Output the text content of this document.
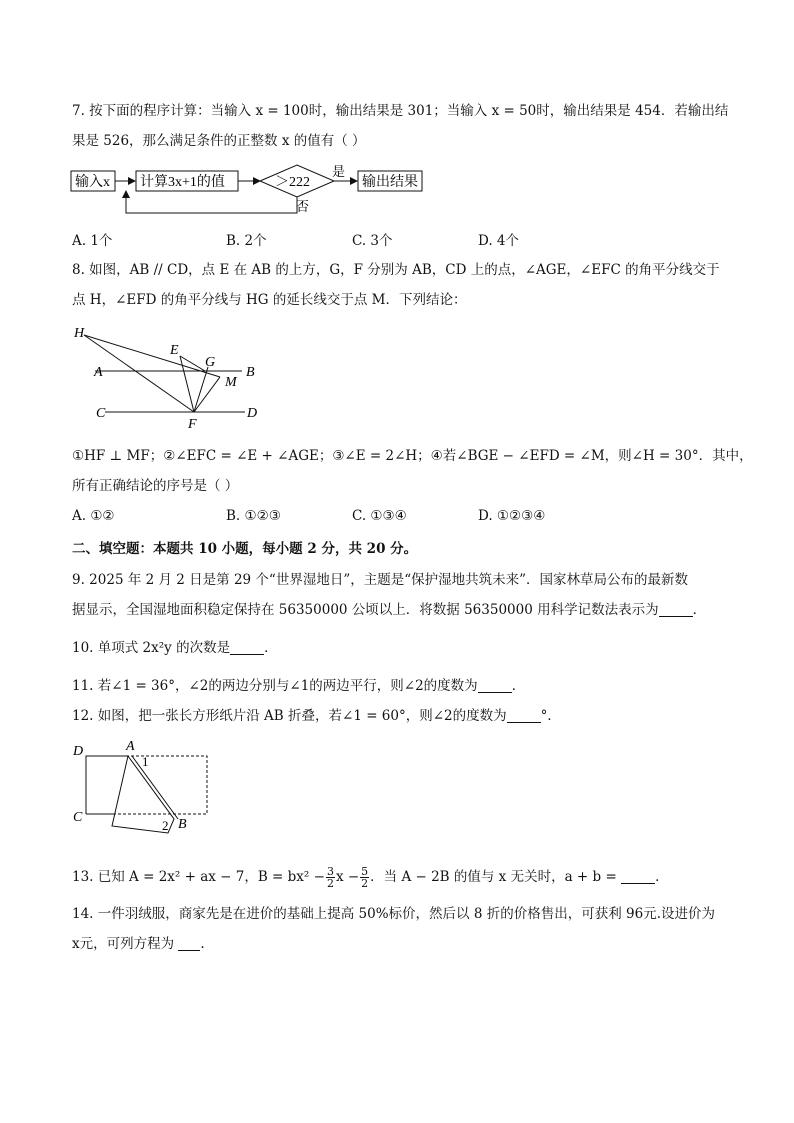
7. 按下面的程序计算：当输入 x = 100时，输出结果是 301；当输入 x = 50时，输出结果是 454．若输出结
果是 526，那么满足条件的正整数 x 的值有（ ）
输入x 计算3x+1的值	＞222
是
输出结果
否
A. 1个	B. 2个	C. 3个	D. 4个
8. 如图，AB // CD，点 E 在 AB 的上方，G，F 分别为 AB，CD 上的点，∠AGE，∠EFC 的角平分线交于
点 H，∠EFD 的角平分线与 HG 的延长线交于点 M．下列结论：
H
E
G
A	B
M
C
F
D
①HF ⊥ MF；②∠EFC = ∠E + ∠AGE；③∠E = 2∠H；④若∠BGE − ∠EFD = ∠M，则∠H = 30°．其中，
所有正确结论的序号是（ ）
A. ①②	B. ①②③	C. ①③④	D. ①②③④
二、填空题：本题共 10 小题，每小题 2 分，共 20 分。
9. 2025 年 2 月 2 日是第 29 个“世界湿地日”，主题是“保护湿地共筑未来”．国家林草局公布的最新数
据显示，全国湿地面积稳定保持在 56350000 公顷以上．将数据 56350000 用科学记数法表示为	．
10. 单项式 2x²y 的次数是	．
11. 若∠1 = 36°，∠2的两边分别与∠1的两边平行，则∠2的度数为	．
12. 如图，把一张长方形纸片沿 AB 折叠，若∠1 = 60°，则∠2的度数为	°．
D	A
1
C
2 B
13. 已知 A = 2x² + ax − 7，$B = bx^2 - \frac{3}{2}$ $x - \frac{5}{2}$ ．当 A − 2B 的值与 x 无关时，a + b =	．
14. 一件羽绒服，商家先是在进价的基础上提高 50%标价，然后以 8 折的价格售出，可获利 96元.设进价为
x元，可列方程为 .
